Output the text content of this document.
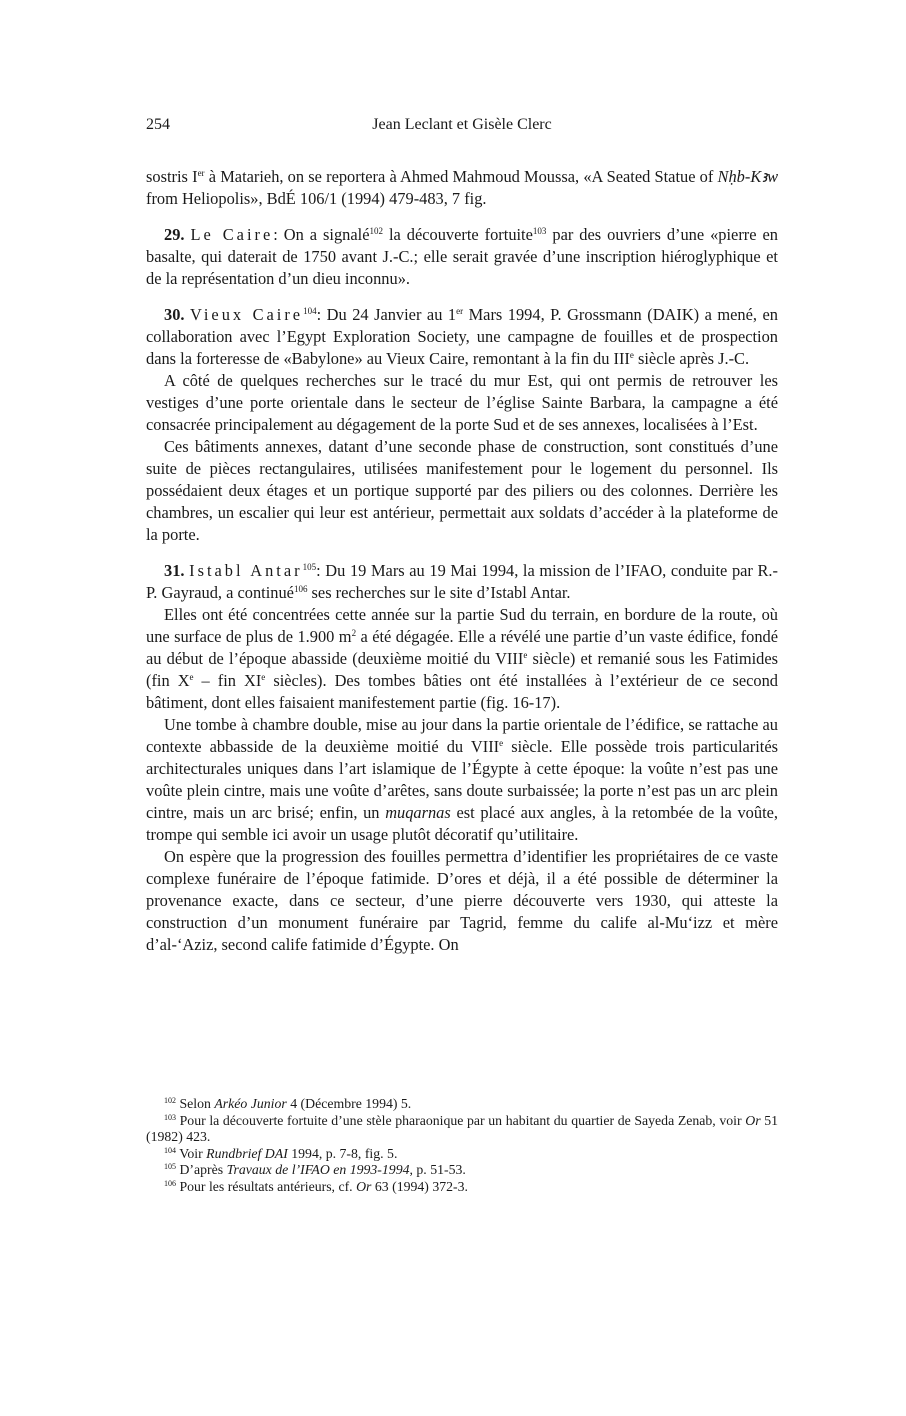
254	Jean Leclant et Gisèle Clerc

sostris Ier à Matarieh, on se reportera à Ahmed Mahmoud Moussa, «A Seated Statue of Nḥb-Kꜣw from Heliopolis», BdÉ 106/1 (1994) 479-483, 7 fig.

29. Le Caire: On a signalé$^{102}$ la découverte fortuite$^{103}$ par des ouvriers d’une «pierre en basalte, qui daterait de 1750 avant J.-C.; elle serait gravée d’une inscription hiéroglyphique et de la représentation d’un dieu inconnu».

30. Vieux Caire$^{104}$: Du 24 Janvier au 1er Mars 1994, P. Grossmann (DAIK) a mené, en collaboration avec l’Egypt Exploration Society, une campagne de fouilles et de prospection dans la forteresse de «Babylone» au Vieux Caire, remontant à la fin du IIIe siècle après J.-C.

A côté de quelques recherches sur le tracé du mur Est, qui ont permis de retrouver les vestiges d’une porte orientale dans le secteur de l’église Sainte Barbara, la campagne a été consacrée principalement au dégagement de la porte Sud et de ses annexes, localisées à l’Est.

Ces bâtiments annexes, datant d’une seconde phase de construction, sont constitués d’une suite de pièces rectangulaires, utilisées manifestement pour le logement du personnel. Ils possédaient deux étages et un portique supporté par des piliers ou des colonnes. Derrière les chambres, un escalier qui leur est antérieur, permettait aux soldats d’accéder à la plateforme de la porte.

31. Istabl Antar$^{105}$: Du 19 Mars au 19 Mai 1994, la mission de l’IFAO, conduite par R.-P. Gayraud, a continué$^{106}$ ses recherches sur le site d’Istabl Antar.

Elles ont été concentrées cette année sur la partie Sud du terrain, en bordure de la route, où une surface de plus de 1.900 $m^2$ a été dégagée. Elle a révélé une partie d’un vaste édifice, fondé au début de l’époque abasside (deuxième moitié du VIIIe siècle) et remanié sous les Fatimides (fin Xe – fin XIe siècles). Des tombes bâties ont été installées à l’extérieur de ce second bâtiment, dont elles faisaient manifestement partie (fig. 16-17).

Une tombe à chambre double, mise au jour dans la partie orientale de l’édifice, se rattache au contexte abbasside de la deuxième moitié du VIIIe siècle. Elle possède trois particularités architecturales uniques dans l’art islamique de l’Égypte à cette époque: la voûte n’est pas une voûte plein cintre, mais une voûte d’arêtes, sans doute surbaissée; la porte n’est pas un arc plein cintre, mais un arc brisé; enfin, un muqarnas est placé aux angles, à la retombée de la voûte, trompe qui semble ici avoir un usage plutôt décoratif qu’utilitaire.

On espère que la progression des fouilles permettra d’identifier les propriétaires de ce vaste complexe funéraire de l’époque fatimide. D’ores et déjà, il a été possible de déterminer la provenance exacte, dans ce secteur, d’une pierre découverte vers 1930, qui atteste la construction d’un monument funéraire par Tagrid, femme du calife al-Mu‘izz et mère d’al-‘Aziz, second calife fatimide d’Égypte. On

$^{102}$ Selon Arkéo Junior 4 (Décembre 1994) 5.

$^{103}$ Pour la découverte fortuite d’une stèle pharaonique par un habitant du quartier de Sayeda Zenab, voir Or 51 (1982) 423.

$^{104}$ Voir Rundbrief DAI 1994, p. 7-8, fig. 5.

$^{105}$ D’après Travaux de l’IFAO en 1993-1994, p. 51-53.

$^{106}$ Pour les résultats antérieurs, cf. Or 63 (1994) 372-3.
